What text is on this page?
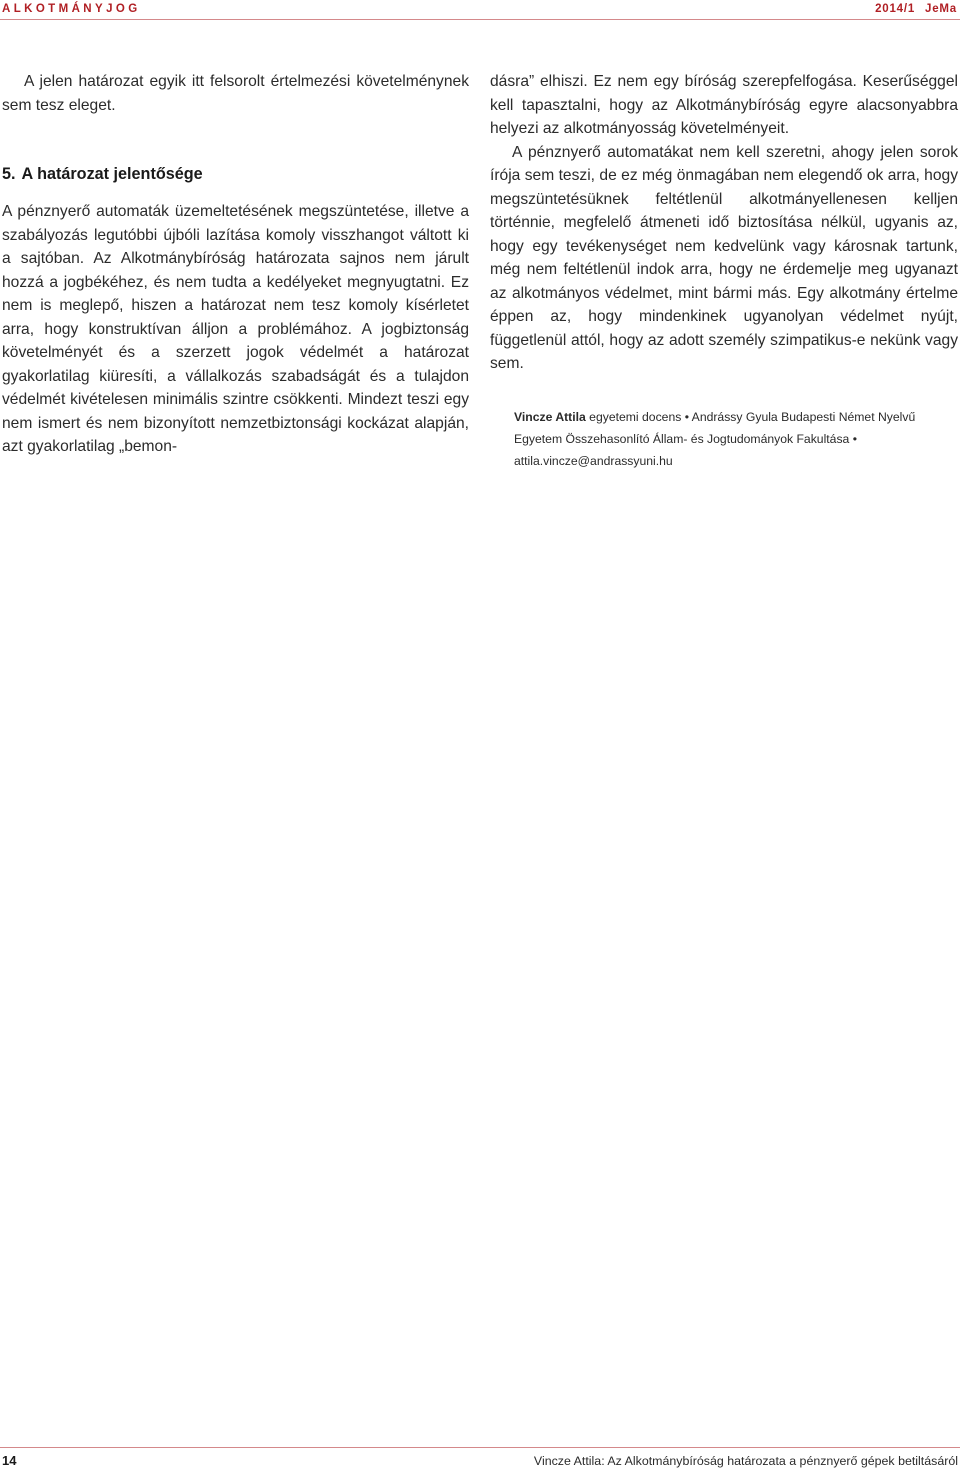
ALKOTMÁNYJOG	2014/1 JeMa

A jelen határozat egyik itt felsorolt értelmezési követelménynek sem tesz eleget.

5. A határozat jelentősége

A pénznyerő automaták üzemeltetésének megszüntetése, illetve a szabályozás legutóbbi újbóli lazítása komoly visszhangot váltott ki a sajtóban. Az Alkotmánybíróság határozata sajnos nem járult hozzá a jogbékéhez, és nem tudta a kedélyeket megnyugtatni. Ez nem is meglepő, hiszen a határozat nem tesz komoly kísérletet arra, hogy konstruktívan álljon a problémához. A jogbiztonság követelményét és a szerzett jogok védelmét a határozat gyakorlatilag kiüresíti, a vállalkozás szabadságát és a tulajdon védelmét kivételesen minimális szintre csökkenti. Mindezt teszi egy nem ismert és nem bizonyított nemzetbiztonsági kockázat alapján, azt gyakorlatilag „bemon-

dásra” elhiszi. Ez nem egy bíróság szerepfelfogása. Keserűséggel kell tapasztalni, hogy az Alkotmánybíróság egyre alacsonyabbra helyezi az alkotmányosság követelményeit.

A pénznyerő automatákat nem kell szeretni, ahogy jelen sorok írója sem teszi, de ez még önmagában nem elegendő ok arra, hogy megszüntetésüknek feltétlenül alkotmányellenesen kelljen történnie, megfelelő átmeneti idő biztosítása nélkül, ugyanis az, hogy egy tevékenységet nem kedvelünk vagy károsnak tartunk, még nem feltétlenül indok arra, hogy ne érdemelje meg ugyanazt az alkotmányos védelmet, mint bármi más. Egy alkotmány értelme éppen az, hogy mindenkinek ugyanolyan védelmet nyújt, függetlenül attól, hogy az adott személy szimpatikus-e nekünk vagy sem.

Vincze Attila egyetemi docens • Andrássy Gyula Budapesti Német Nyelvű Egyetem Összehasonlító Állam- és Jogtudományok Fakultása • attila.vincze@andrassyuni.hu
14	Vincze Attila: Az Alkotmánybíróság határozata a pénznyerő gépek betiltásáról
